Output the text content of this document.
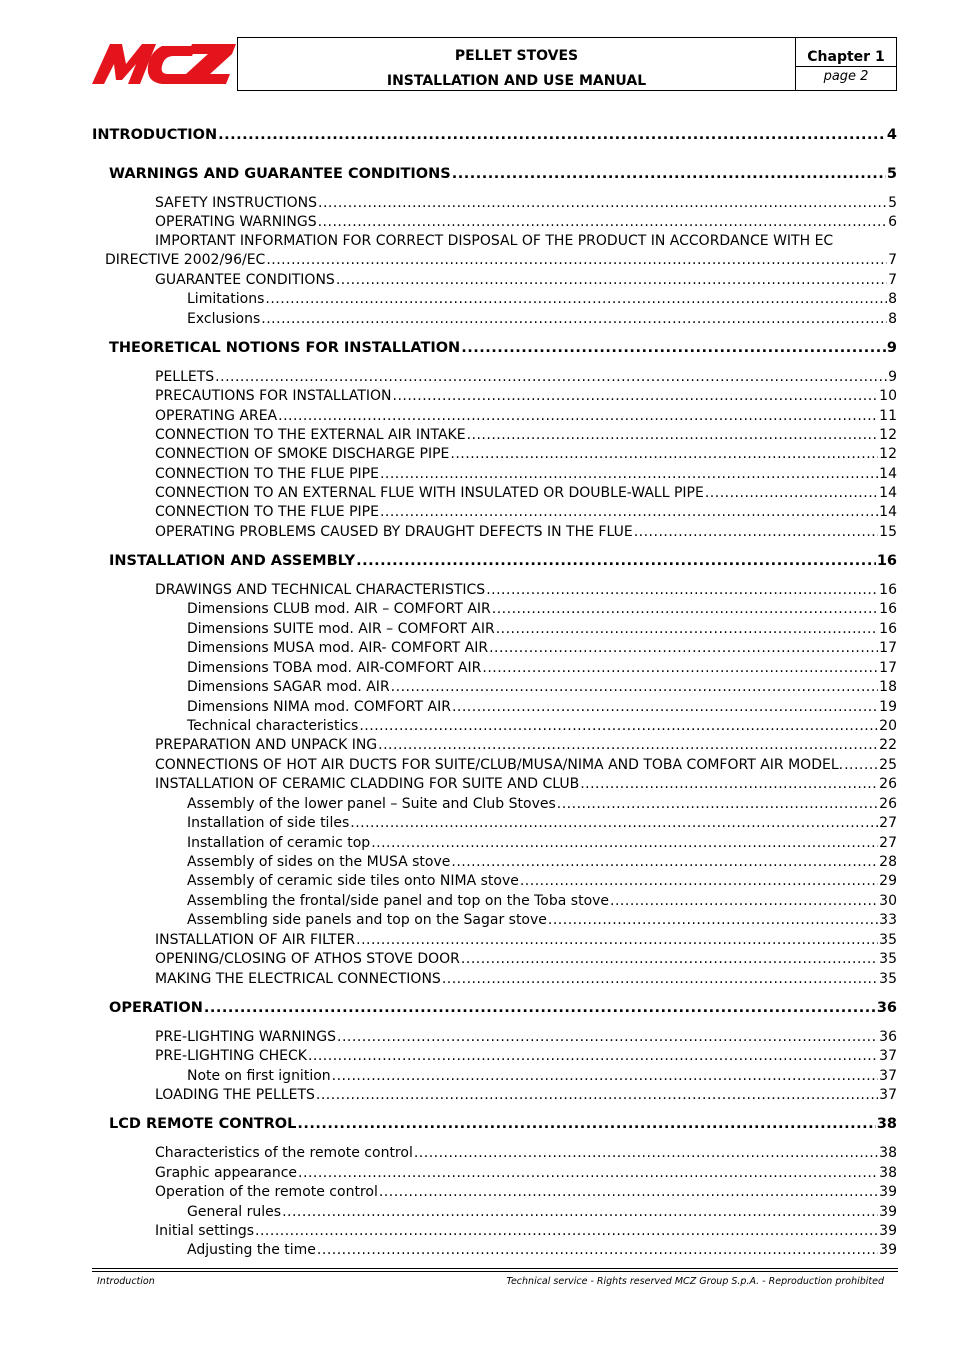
PELLET STOVES
INSTALLATION AND USE MANUAL
Chapter 1
page 2
INTRODUCTION .....	4
WARNINGS AND GUARANTEE CONDITIONS .....	5
SAFETY INSTRUCTIONS .....	5
OPERATING WARNINGS .....	6
IMPORTANT INFORMATION FOR CORRECT DISPOSAL OF THE PRODUCT IN ACCORDANCE WITH EC
DIRECTIVE 2002/96/EC .....	7
GUARANTEE CONDITIONS .....	7
Limitations .....	8
Exclusions .....	8
THEORETICAL NOTIONS FOR INSTALLATION .....	9
PELLETS .....	9
PRECAUTIONS FOR INSTALLATION .....	10
OPERATING AREA .....	11
CONNECTION TO THE EXTERNAL AIR INTAKE .....	12
CONNECTION OF SMOKE DISCHARGE PIPE .....	12
CONNECTION TO THE FLUE PIPE .....	14
CONNECTION TO AN EXTERNAL FLUE WITH INSULATED OR DOUBLE-WALL PIPE .....	14
CONNECTION TO THE FLUE PIPE .....	14
OPERATING PROBLEMS CAUSED BY DRAUGHT DEFECTS IN THE FLUE .....	15
INSTALLATION AND ASSEMBLY .....	16
DRAWINGS AND TECHNICAL CHARACTERISTICS .....	16
Dimensions CLUB mod. AIR – COMFORT AIR .....	16
Dimensions SUITE mod. AIR – COMFORT AIR .....	16
Dimensions MUSA mod. AIR- COMFORT AIR .....	17
Dimensions TOBA mod. AIR-COMFORT AIR .....	17
Dimensions SAGAR mod. AIR .....	18
Dimensions NIMA mod. COMFORT AIR .....	19
Technical characteristics .....	20
PREPARATION AND UNPACK ING .....	22
CONNECTIONS OF HOT AIR DUCTS FOR SUITE/CLUB/MUSA/NIMA AND TOBA COMFORT AIR MODEL. .....	25
INSTALLATION OF CERAMIC CLADDING FOR SUITE AND CLUB .....	26
Assembly of the lower panel – Suite and Club Stoves .....	26
Installation of side tiles .....	27
Installation of ceramic top .....	27
Assembly of sides on the MUSA stove .....	28
Assembly of ceramic side tiles onto NIMA stove .....	29
Assembling the frontal/side panel and top on the Toba stove .....	30
Assembling side panels and top on the Sagar stove .....	33
INSTALLATION OF AIR FILTER .....	35
OPENING/CLOSING OF ATHOS STOVE DOOR .....	35
MAKING THE ELECTRICAL CONNECTIONS .....	35
OPERATION .....	36
PRE-LIGHTING WARNINGS .....	36
PRE-LIGHTING CHECK .....	37
Note on first ignition .....	37
LOADING THE PELLETS .....	37
LCD REMOTE CONTROL .....	38
Characteristics of the remote control .....	38
Graphic appearance .....	38
Operation of the remote control .....	39
General rules .....	39
Initial settings .....	39
Adjusting the time .....	39
Introduction	Technical service - Rights reserved MCZ Group S.p.A. - Reproduction prohibited
